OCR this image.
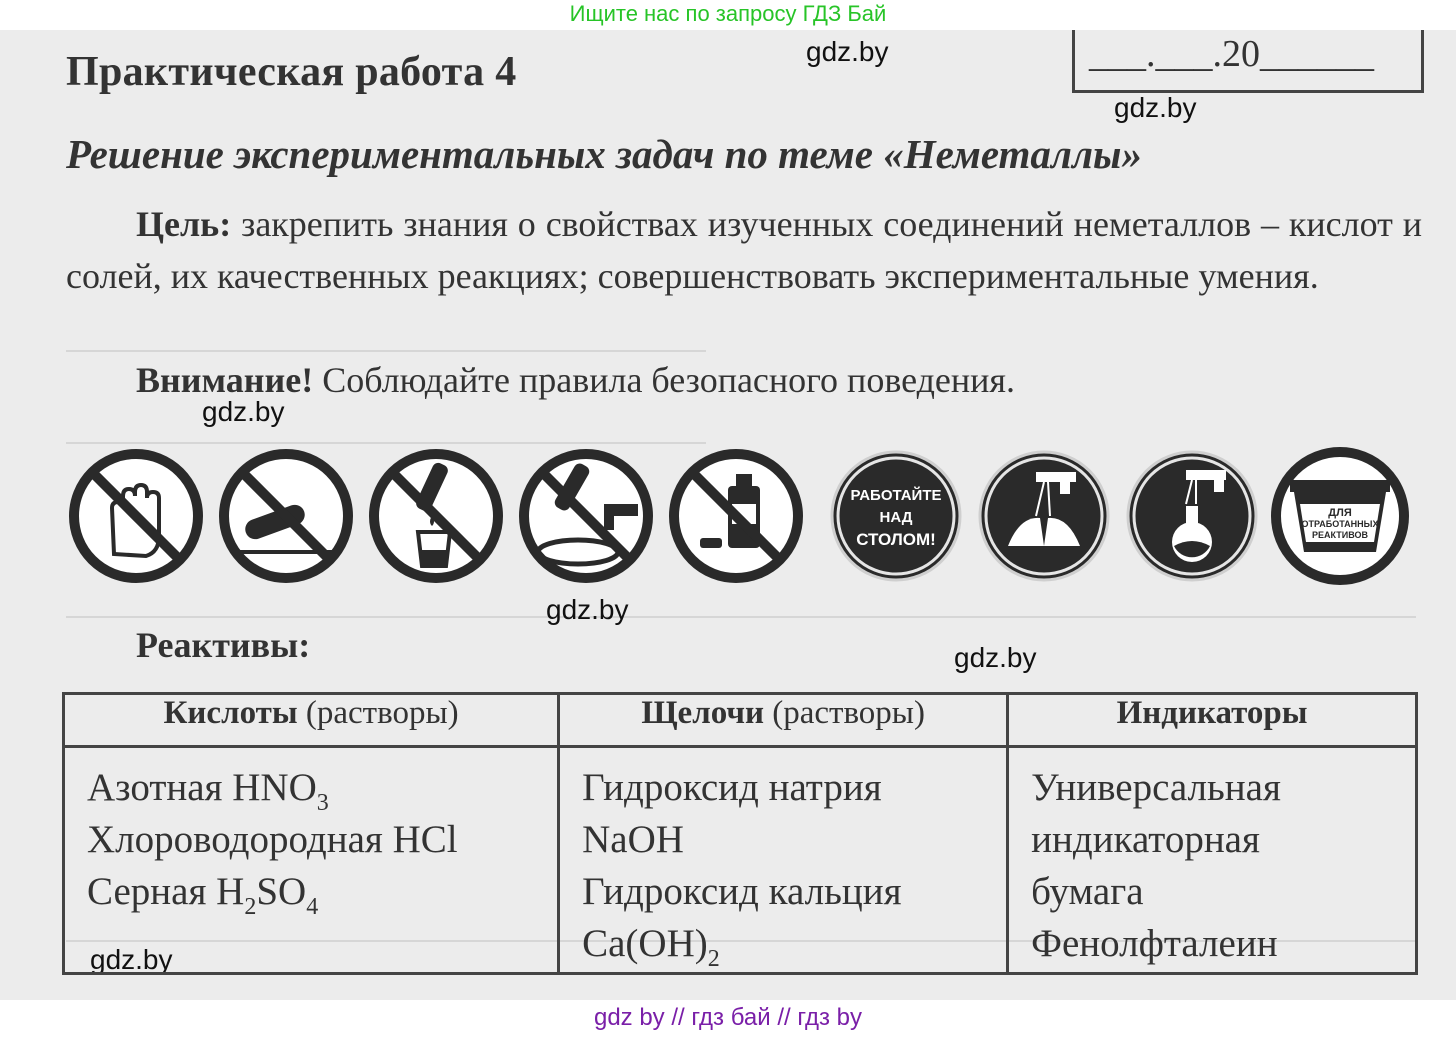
Ищите нас по запросу ГДЗ Бай
Практическая работа 4	___.___.20______
Решение экспериментальных задач по теме «Неметаллы»

Цель: закрепить знания о свойствах изученных соединений неметаллов – кислот и солей, их качественных реакциях; совершенствовать экспериментальные умения.

Внимание! Соблюдайте правила безопасного поведения.

gdz.by
gdz.by
gdz.by
gdz.by
gdz.by
gdz.by
РАБОТАЙТЕ
НАД
СТОЛОМ!
ДЛЯ
ОТРАБОТАННЫХ
РЕАКТИВОВ
Реактивы:
Кислоты (растворы)	Щелочи (растворы)	Индикаторы

Азотная $HNO_3$
Хлороводородная HCl
Серная $H_2SO_4$	Гидроксид натрия
NaOH
Гидроксид кальция
$Ca(OH)_2$	Универсальная
индикаторная
бумага
Фенолфталеин
gdz by // гдз бай // гдз by
